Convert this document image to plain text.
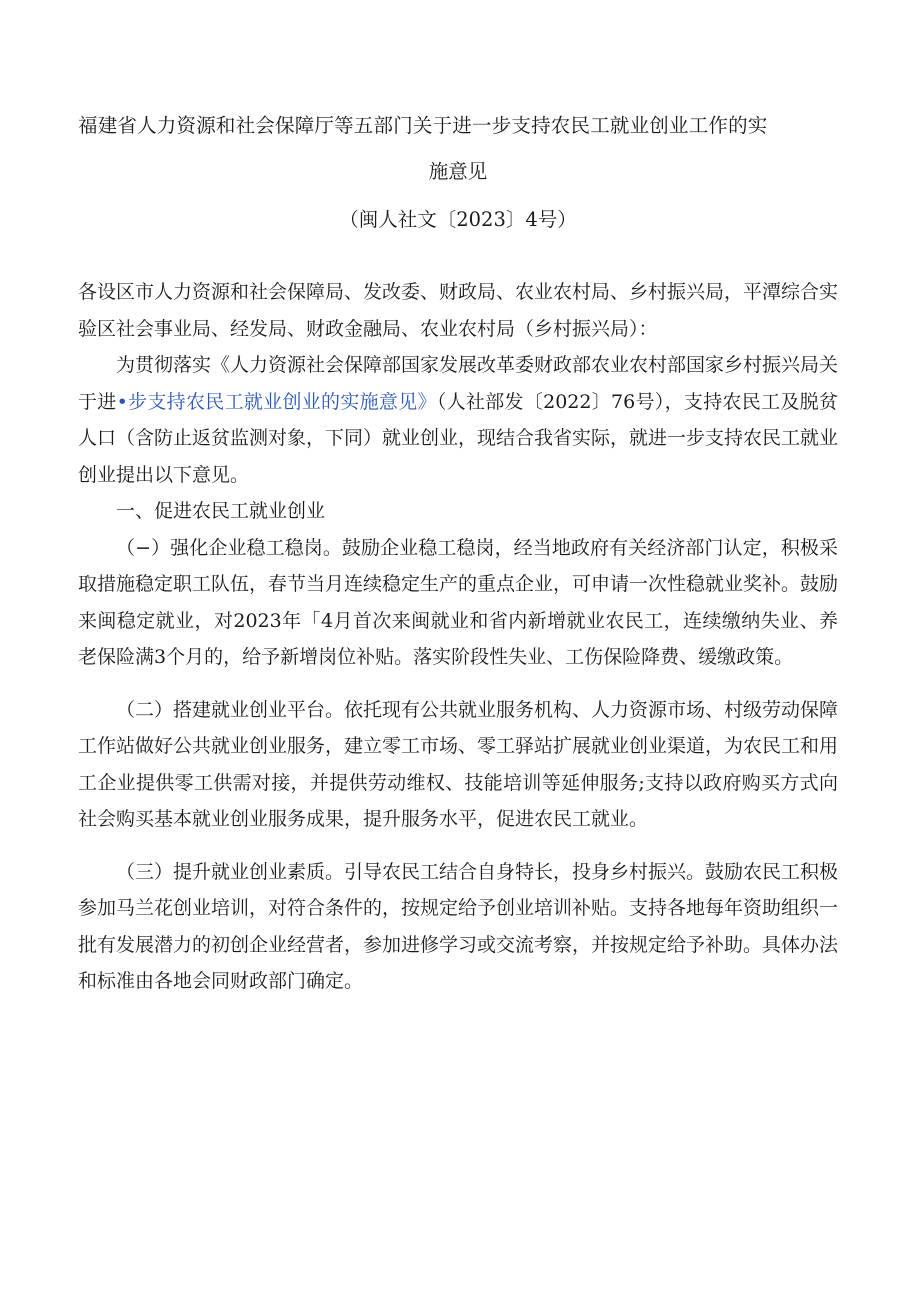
福建省人力资源和社会保障厅等五部门关于进一步支持农民工就业创业工作的实
施意见
（闽人社文〔2023〕4号）

各设区市人力资源和社会保障局、发改委、财政局、农业农村局、乡村振兴局，平潭综合实验区社会事业局、经发局、财政金融局、农业农村局（乡村振兴局）：

为贯彻落实《人力资源社会保障部国家发展改革委财政部农业农村部国家乡村振兴局关于进•步支持农民工就业创业的实施意见》（人社部发〔2022〕76号），支持农民工及脱贫人口（含防止返贫监测对象，下同）就业创业，现结合我省实际，就进一步支持农民工就业创业提出以下意见。

一、促进农民工就业创业

（−）强化企业稳工稳岗。鼓励企业稳工稳岗，经当地政府有关经济部门认定，积极采取措施稳定职工队伍，春节当月连续稳定生产的重点企业，可申请一次性稳就业奖补。鼓励来闽稳定就业，对2023年「4月首次来闽就业和省内新增就业农民工，连续缴纳失业、养老保险满3个月的，给予新增岗位补贴。落实阶段性失业、工伤保险降费、缓缴政策。

（二）搭建就业创业平台。依托现有公共就业服务机构、人力资源市场、村级劳动保障工作站做好公共就业创业服务，建立零工市场、零工驿站扩展就业创业渠道，为农民工和用工企业提供零工供需对接，并提供劳动维权、技能培训等延伸服务;支持以政府购买方式向社会购买基本就业创业服务成果，提升服务水平，促进农民工就业。

（三）提升就业创业素质。引导农民工结合自身特长，投身乡村振兴。鼓励农民工积极参加马兰花创业培训，对符合条件的，按规定给予创业培训补贴。支持各地每年资助组织一批有发展潜力的初创企业经营者，参加进修学习或交流考察，并按规定给予补助。具体办法和标准由各地会同财政部门确定。
